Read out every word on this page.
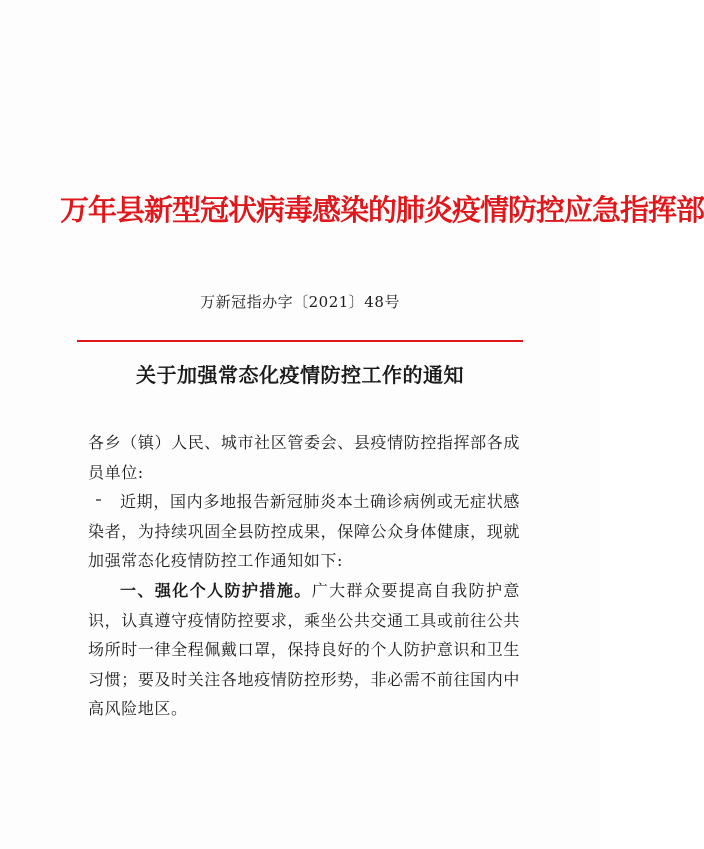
万年县新型冠状病毒感染的肺炎疫情防控应急指挥部
万新冠指办字〔2021〕48号
关于加强常态化疫情防控工作的通知

各乡（镇）人民、城市社区管委会、县疫情防控指挥部各成员单位:

近期，国内多地报告新冠肺炎本土确诊病例或无症状感染者，为持续巩固全县防控成果，保障公众身体健康，现就加强常态化疫情防控工作通知如下:

一、强化个人防护措施。广大群众要提高自我防护意识，认真遵守疫情防控要求，乘坐公共交通工具或前往公共场所时一律全程佩戴口罩，保持良好的个人防护意识和卫生习惯；要及时关注各地疫情防控形势，非必需不前往国内中高风险地区。
